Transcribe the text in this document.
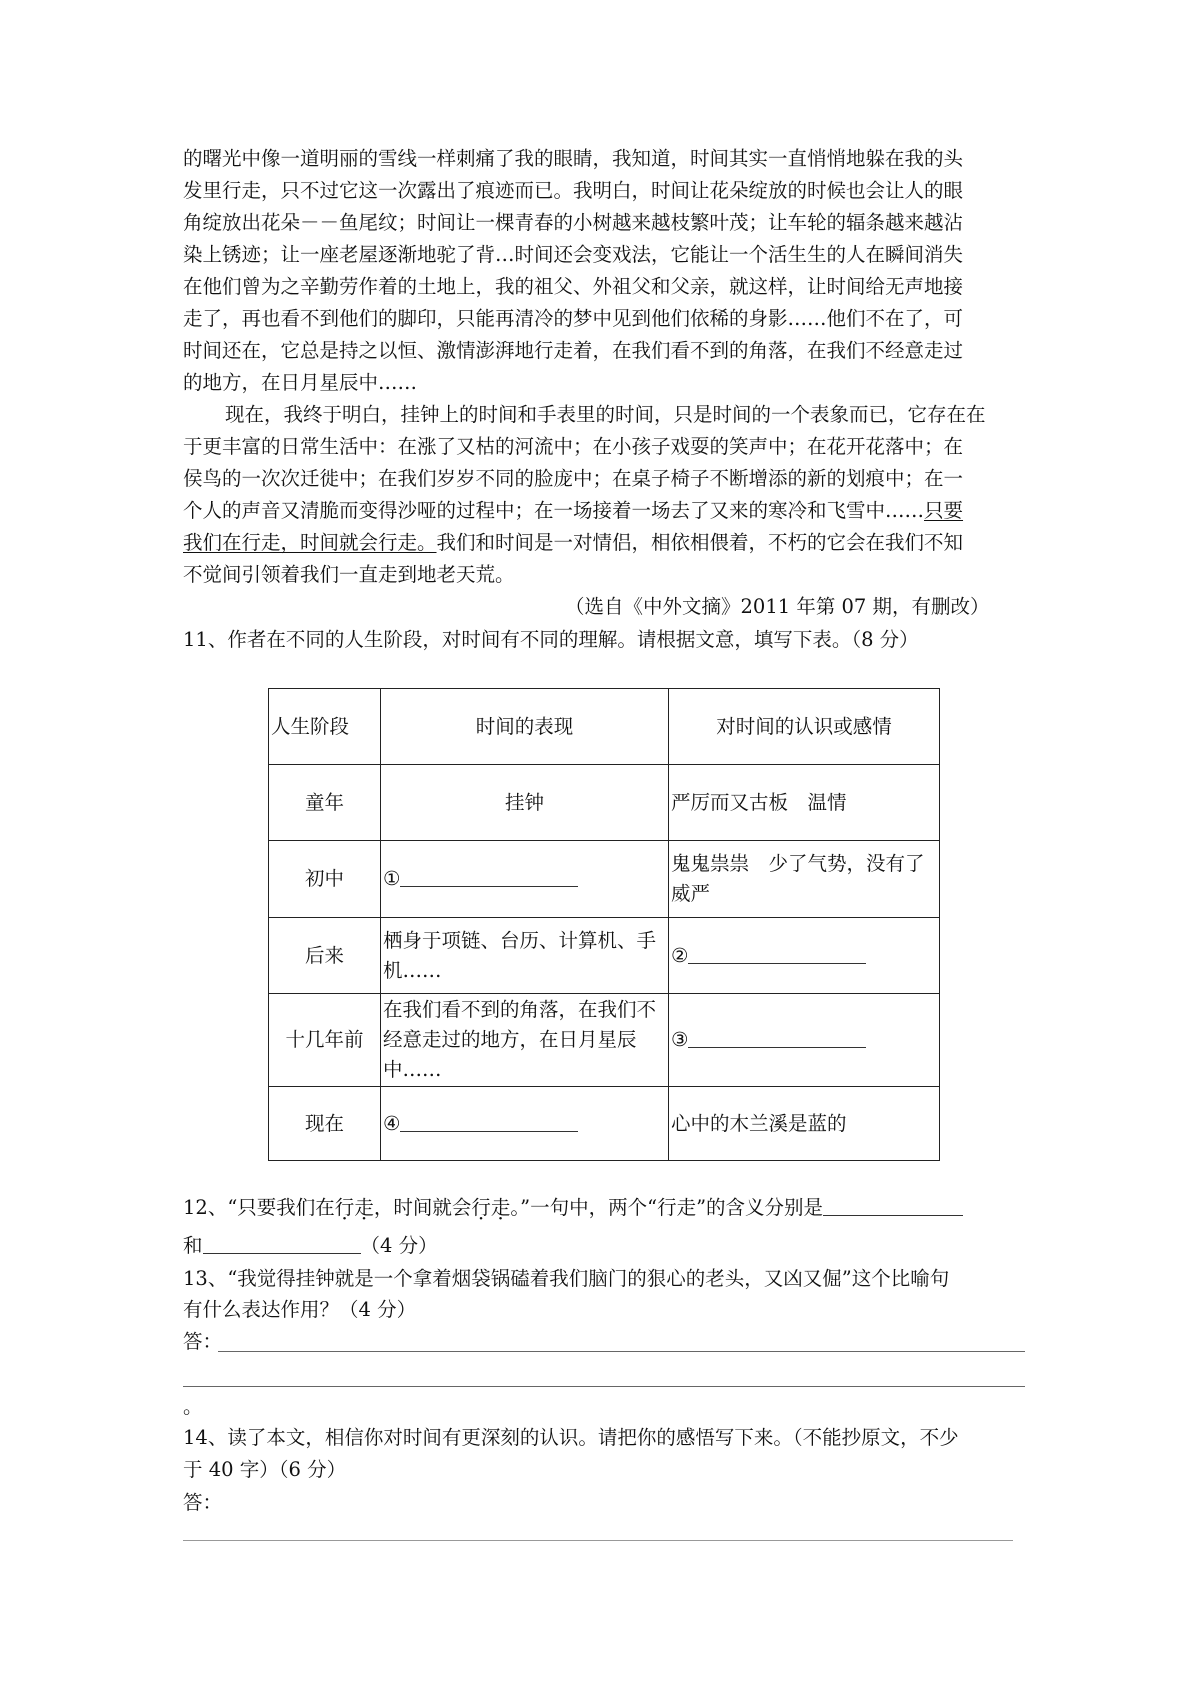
的曙光中像一道明丽的雪线一样刺痛了我的眼睛，我知道，时间其实一直悄悄地躲在我的头
发里行走，只不过它这一次露出了痕迹而已。我明白，时间让花朵绽放的时候也会让人的眼
角绽放出花朵－－鱼尾纹；时间让一棵青春的小树越来越枝繁叶茂；让车轮的辐条越来越沾
染上锈迹；让一座老屋逐渐地驼了背…时间还会变戏法，它能让一个活生生的人在瞬间消失
在他们曾为之辛勤劳作着的土地上，我的祖父、外祖父和父亲，就这样，让时间给无声地接
走了，再也看不到他们的脚印，只能再清冷的梦中见到他们依稀的身影……他们不在了，可
时间还在，它总是持之以恒、激情澎湃地行走着，在我们看不到的角落，在我们不经意走过
的地方，在日月星辰中……
现在，我终于明白，挂钟上的时间和手表里的时间，只是时间的一个表象而已，它存在在
于更丰富的日常生活中：在涨了又枯的河流中；在小孩子戏耍的笑声中；在花开花落中；在
侯鸟的一次次迁徙中；在我们岁岁不同的脸庞中；在桌子椅子不断增添的新的划痕中；在一
个人的声音又清脆而变得沙哑的过程中；在一场接着一场去了又来的寒冷和飞雪中……只要
我们在行走，时间就会行走。我们和时间是一对情侣，相依相偎着，不朽的它会在我们不知
不觉间引领着我们一直走到地老天荒。
（选自《中外文摘》2011 年第 07 期，有删改）
11、作者在不同的人生阶段，对时间有不同的理解。请根据文意，填写下表。（8 分）
人生阶段	时间的表现	对时间的认识或感情
童年	挂钟	严厉而又古板　温情
初中	①	鬼鬼祟祟　少了气势，没有了威严
后来	栖身于项链、台历、计算机、手机……	②
十几年前	在我们看不到的角落，在我们不经意走过的地方，在日月星辰中……	③
现在	④	心中的木兰溪是蓝的
12、“只要我们在行走，时间就会行走。”一句中，两个“行走”的含义分别是
和	（4 分）
13、“我觉得挂钟就是一个拿着烟袋锅磕着我们脑门的狠心的老头，又凶又倔”这个比喻句
有什么表达作用？（4 分）
答：
。
14、读了本文，相信你对时间有更深刻的认识。请把你的感悟写下来。（不能抄原文，不少
于 40 字）（6 分）
答：
